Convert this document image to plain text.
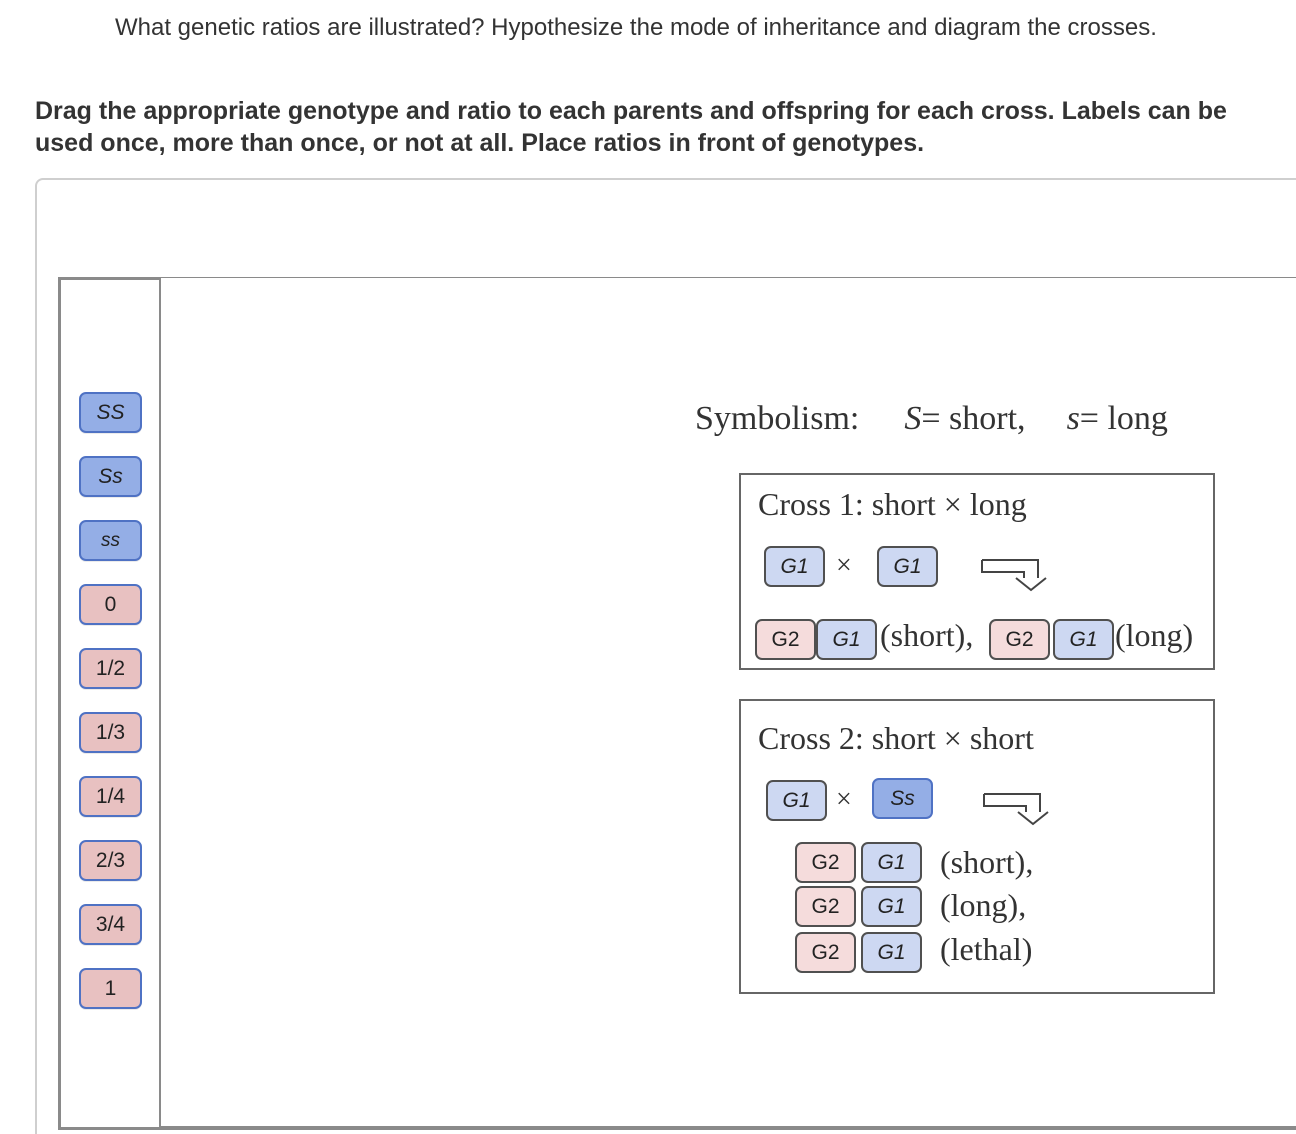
What genetic ratios are illustrated? Hypothesize the mode of inheritance and diagram the crosses.
Drag the appropriate genotype and ratio to each parents and offspring for each cross. Labels can be used once, more than once, or not at all. Place ratios in front of genotypes.
SS
Ss
ss
0
1/2
1/3
1/4
2/3
3/4
1
Symbolism: S= short, s= long
Cross 1: short × long
G1 ×	G1
G2	G1 (short),	G2	G1 (long)
Cross 2: short × short
G1 ×	Ss
G2	G1	(short),
G2	G1	(long),
G2	G1	(lethal)
